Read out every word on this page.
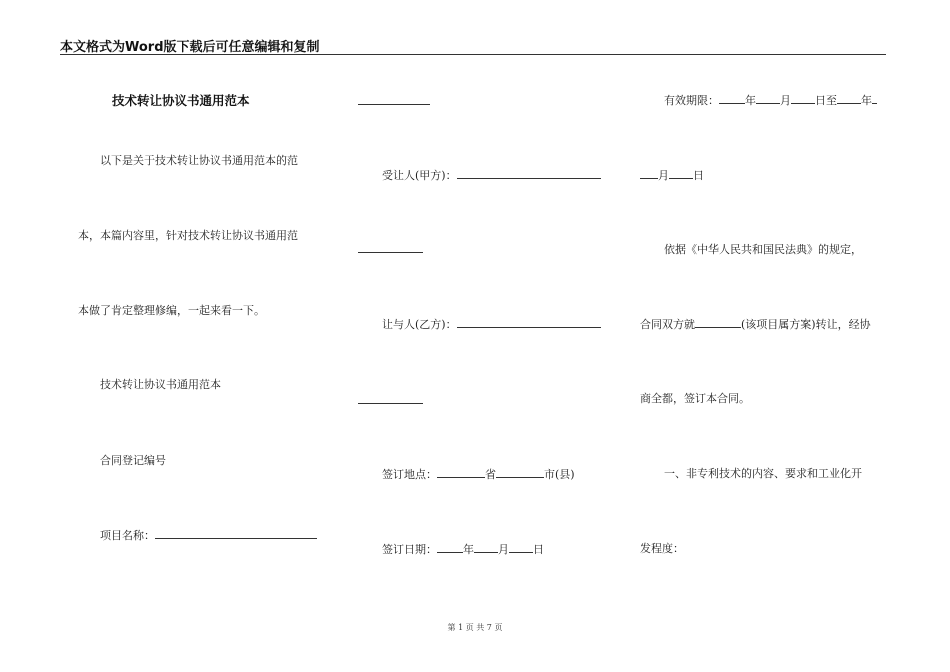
本文格式为Word版下载后可任意编辑和复制
技术转让协议书通用范本
以下是关于技术转让协议书通用范本的范
本，本篇内容里，针对技术转让协议书通用范
本做了肯定整理修编，一起来看一下。
技术转让协议书通用范本
合同登记编号
项目名称：
受让人(甲方)：
让与人(乙方)：
签订地点：	省	市(县)
签订日期： 年 月 日
有效期限： 年 月 日至 年
月 日
依据《中华人民共和国民法典》的规定，
合同双方就	(该项目属方案)转让，经协
商全都，签订本合同。
一、非专利技术的内容、要求和工业化开
发程度：
第 1 页 共 7 页
